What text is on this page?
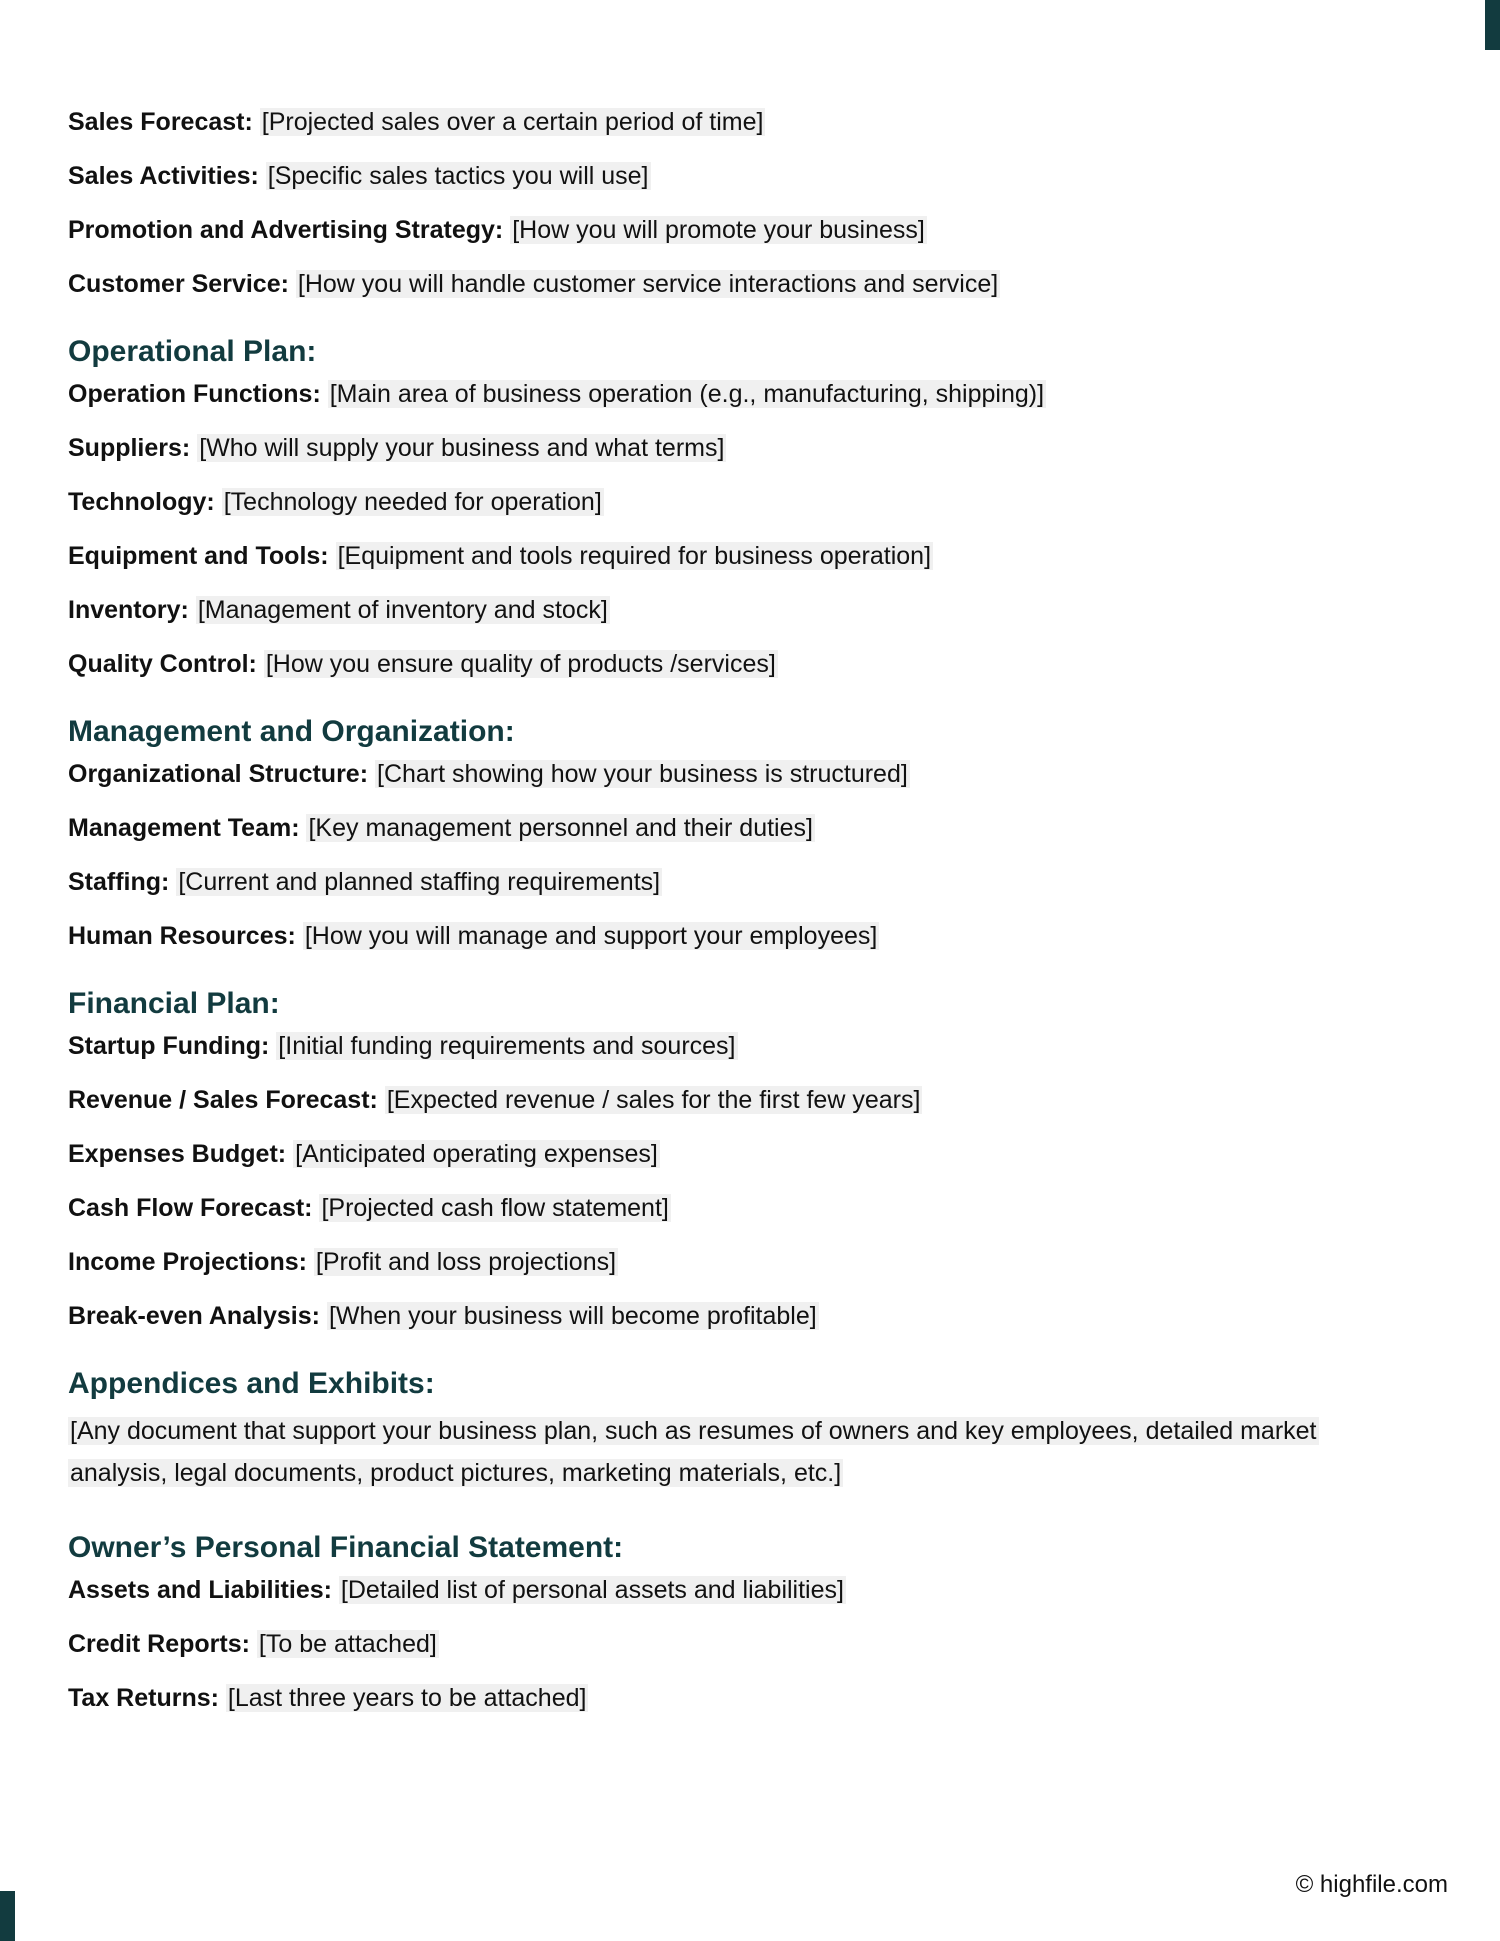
Sales Forecast: [Projected sales over a certain period of time]
Sales Activities: [Specific sales tactics you will use]
Promotion and Advertising Strategy: [How you will promote your business]
Customer Service: [How you will handle customer service interactions and service]
Operational Plan:
Operation Functions: [Main area of business operation (e.g., manufacturing, shipping)]
Suppliers: [Who will supply your business and what terms]
Technology: [Technology needed for operation]
Equipment and Tools: [Equipment and tools required for business operation]
Inventory: [Management of inventory and stock]
Quality Control: [How you ensure quality of products /services]
Management and Organization:
Organizational Structure: [Chart showing how your business is structured]
Management Team: [Key management personnel and their duties]
Staffing: [Current and planned staffing requirements]
Human Resources: [How you will manage and support your employees]
Financial Plan:
Startup Funding: [Initial funding requirements and sources]
Revenue / Sales Forecast: [Expected revenue / sales for the first few years]
Expenses Budget: [Anticipated operating expenses]
Cash Flow Forecast: [Projected cash flow statement]
Income Projections: [Profit and loss projections]
Break-even Analysis: [When your business will become profitable]
Appendices and Exhibits:
[Any document that support your business plan, such as resumes of owners and key employees, detailed market
analysis, legal documents, product pictures, marketing materials, etc.]
Owner’s Personal Financial Statement:
Assets and Liabilities: [Detailed list of personal assets and liabilities]
Credit Reports: [To be attached]
Tax Returns: [Last three years to be attached]
© highfile.com
